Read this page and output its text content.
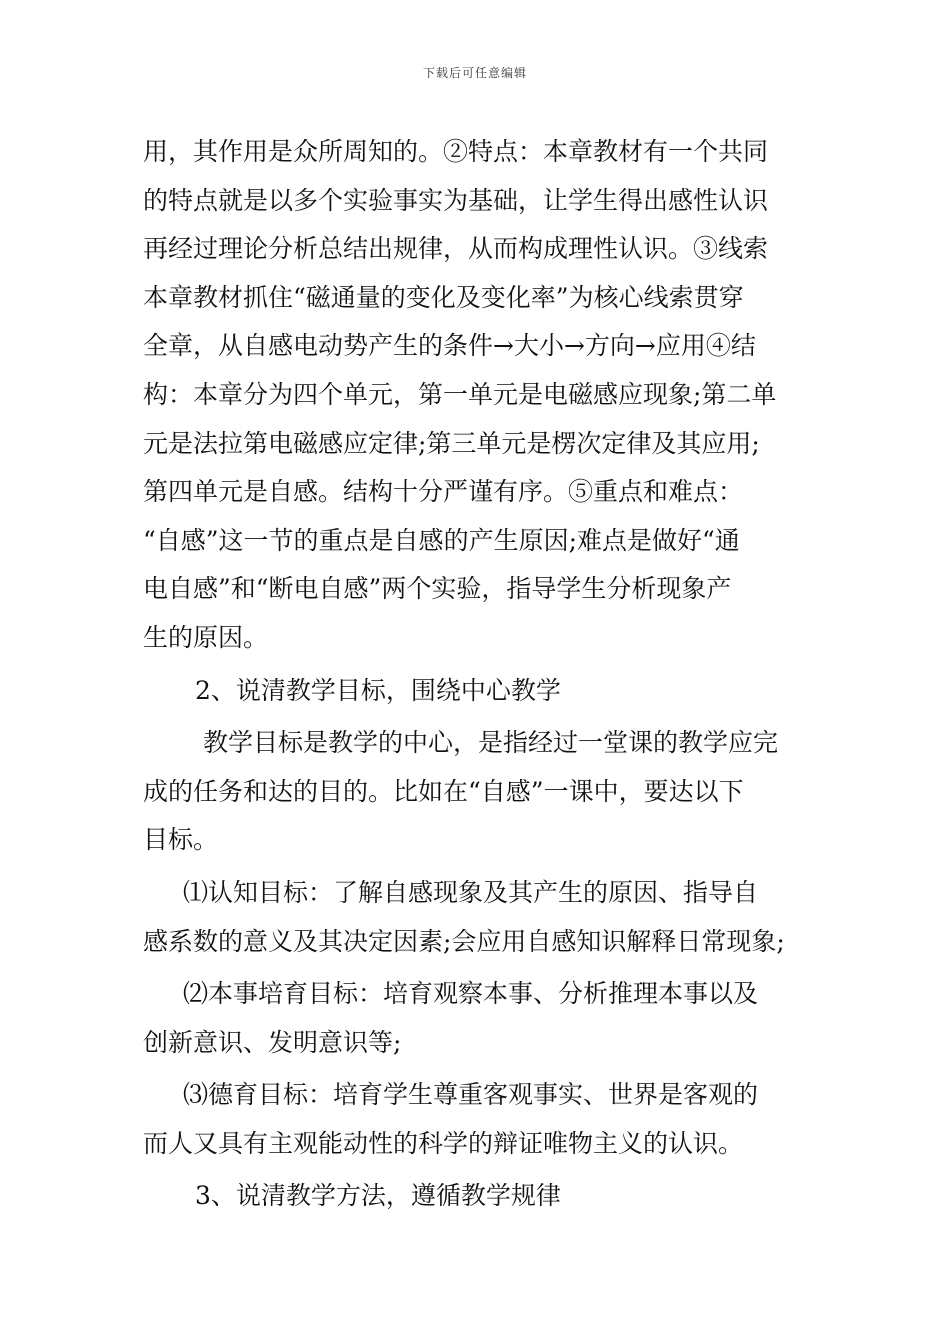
下载后可任意编辑
用，其作用是众所周知的。②特点：本章教材有一个共同
的特点就是以多个实验事实为基础，让学生得出感性认识
再经过理论分析总结出规律，从而构成理性认识。③线索
本章教材抓住“磁通量的变化及变化率”为核心线索贯穿
全章，从自感电动势产生的条件→大小→方向→应用④结
构：本章分为四个单元，第一单元是电磁感应现象;第二单
元是法拉第电磁感应定律;第三单元是楞次定律及其应用;
第四单元是自感。结构十分严谨有序。⑤重点和难点：
“自感”这一节的重点是自感的产生原因;难点是做好“通
电自感”和“断电自感”两个实验，指导学生分析现象产
生的原因。
2、说清教学目标，围绕中心教学
教学目标是教学的中心，是指经过一堂课的教学应完
成的任务和达的目的。比如在“自感”一课中，要达以下
目标。
⑴认知目标：了解自感现象及其产生的原因、指导自
感系数的意义及其决定因素;会应用自感知识解释日常现象;
⑵本事培育目标：培育观察本事、分析推理本事以及
创新意识、发明意识等;
⑶德育目标：培育学生尊重客观事实、世界是客观的
而人又具有主观能动性的科学的辩证唯物主义的认识。
3、说清教学方法，遵循教学规律
